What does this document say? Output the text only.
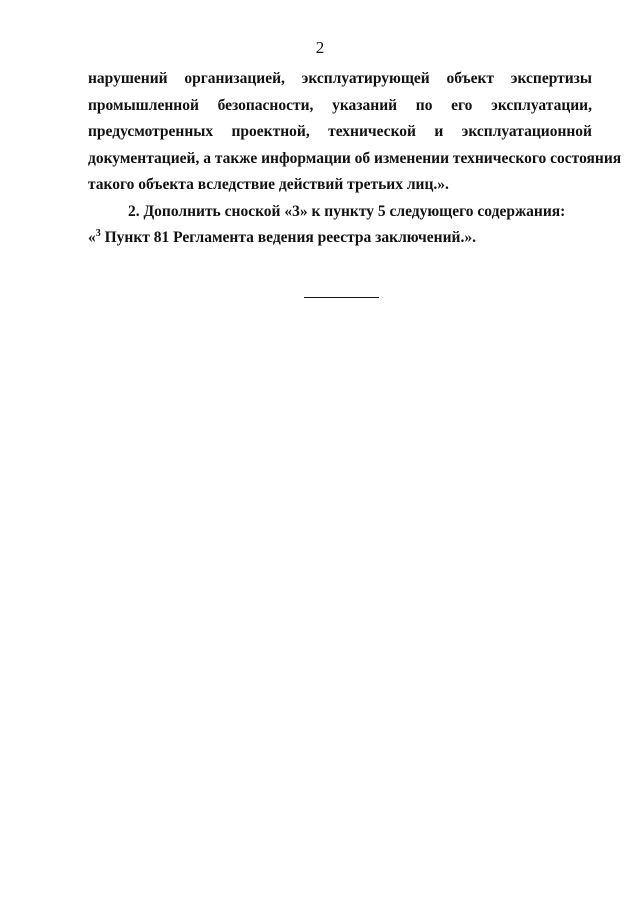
2
нарушений организацией, эксплуатирующей объект экспертизы
промышленной безопасности, указаний по его эксплуатации,
предусмотренных проектной, технической и эксплуатационной
документацией, а также информации об изменении технического состояния
такого объекта вследствие действий третьих лиц.».
2. Дополнить сноской «3» к пункту 5 следующего содержания:
«$^3$ Пункт 81 Регламента ведения реестра заключений.».
